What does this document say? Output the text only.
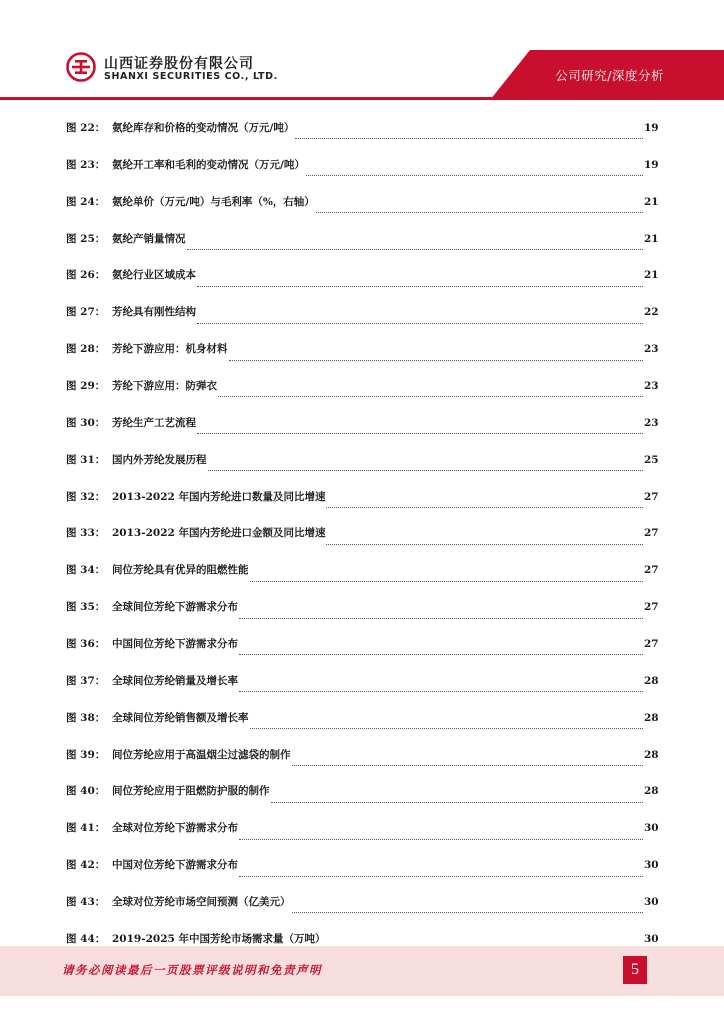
山西证券股份有限公司
SHANXI SECURITIES CO., LTD.	公司研究/深度分析
图 22： 氨纶库存和价格的变动情况（万元/吨）	19
图 23： 氨纶开工率和毛利的变动情况（万元/吨）	19
图 24： 氨纶单价（万元/吨）与毛利率（%，右轴）	21
图 25： 氨纶产销量情况	21
图 26： 氨纶行业区域成本	21
图 27： 芳纶具有刚性结构	22
图 28： 芳纶下游应用：机身材料	23
图 29： 芳纶下游应用：防弹衣	23
图 30： 芳纶生产工艺流程	23
图 31： 国内外芳纶发展历程	25
图 32： 2013-2022 年国内芳纶进口数量及同比增速	27
图 33： 2013-2022 年国内芳纶进口金额及同比增速	27
图 34： 间位芳纶具有优异的阻燃性能	27
图 35： 全球间位芳纶下游需求分布	27
图 36： 中国间位芳纶下游需求分布	27
图 37： 全球间位芳纶销量及增长率	28
图 38： 全球间位芳纶销售额及增长率	28
图 39： 间位芳纶应用于高温烟尘过滤袋的制作	28
图 40： 间位芳纶应用于阻燃防护服的制作	28
图 41： 全球对位芳纶下游需求分布	30
图 42： 中国对位芳纶下游需求分布	30
图 43： 全球对位芳纶市场空间预测（亿美元）	30
图 44： 2019-2025 年中国芳纶市场需求量（万吨）	30
请务必阅读最后一页股票评级说明和免责声明	5
